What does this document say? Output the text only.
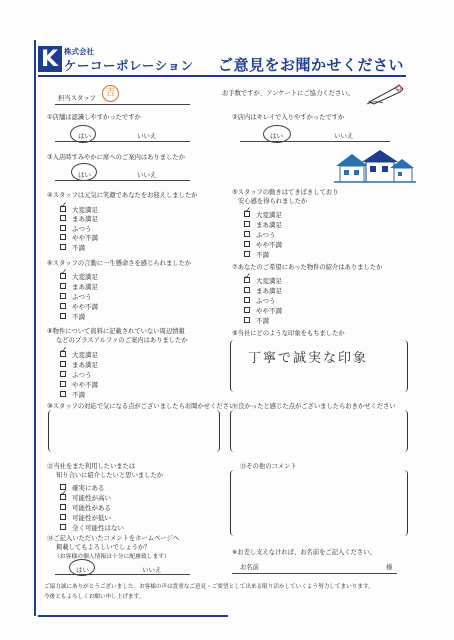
K 株式会社
ケーコーポレーション ご意見をお聞かせください
担当スタッフ
吉	お手数ですが、アンケートにご協力ください。
①店舗は認識しやすかったですか
はい	いいえ
②店内はキレイで入りやすかったですか
はい	いいえ
③入店時すみやかに席へのご案内はありましたか
はい	いいえ
④スタッフは元気に笑顔であなたをお迎えしましたか
大変満足
✓
まあ満足
ふつう
やや不満
不満
⑤スタッフの動きはてきぱきしており
安心感を得られましたか
大変満足
✓
まあ満足
ふつう
やや不満
不満
⑥スタッフの言動に一生懸命さを感じられましたか
大変満足
✓
まあ満足
ふつう
やや不満
不満
⑦あなたのご希望にあった物件の紹介はありましたか
大変満足
✓
まあ満足
ふつう
やや不満
不満
⑧物件について資料に記載されていない周辺情報
などのプラスアルファのご案内はありましたか
大変満足
✓
まあ満足
ふつう
やや不満
不満
⑨当社にどのような印象をもちましたか
丁寧で誠実な印象
⑩スタッフの対応で気になる点がございましたらお聞かせください
⑪良かったと感じた点がございましたらおきかせください
⑫当社をまた利用したいまたは
知り合いに紹介したいと思いましたか
確実にある
可能性が高い
✓
可能性がある
可能性が低い
全く可能性はない
⑬その他のコメント
⑭ご記入いただいたコメントをホームページへ
掲載してもよろしいでしょうか？
（お客様の個人情報は十分に配慮致します）
はい	いいえ
※お差し支えなければ、お名前をご記入ください。
お名前	様
ご協力誠にありがとうございました。お客様の声は貴重なご意見・ご要望として出来る限り活かしていくよう努力してまいります。
今後ともよろしくお願い申し上げます。
